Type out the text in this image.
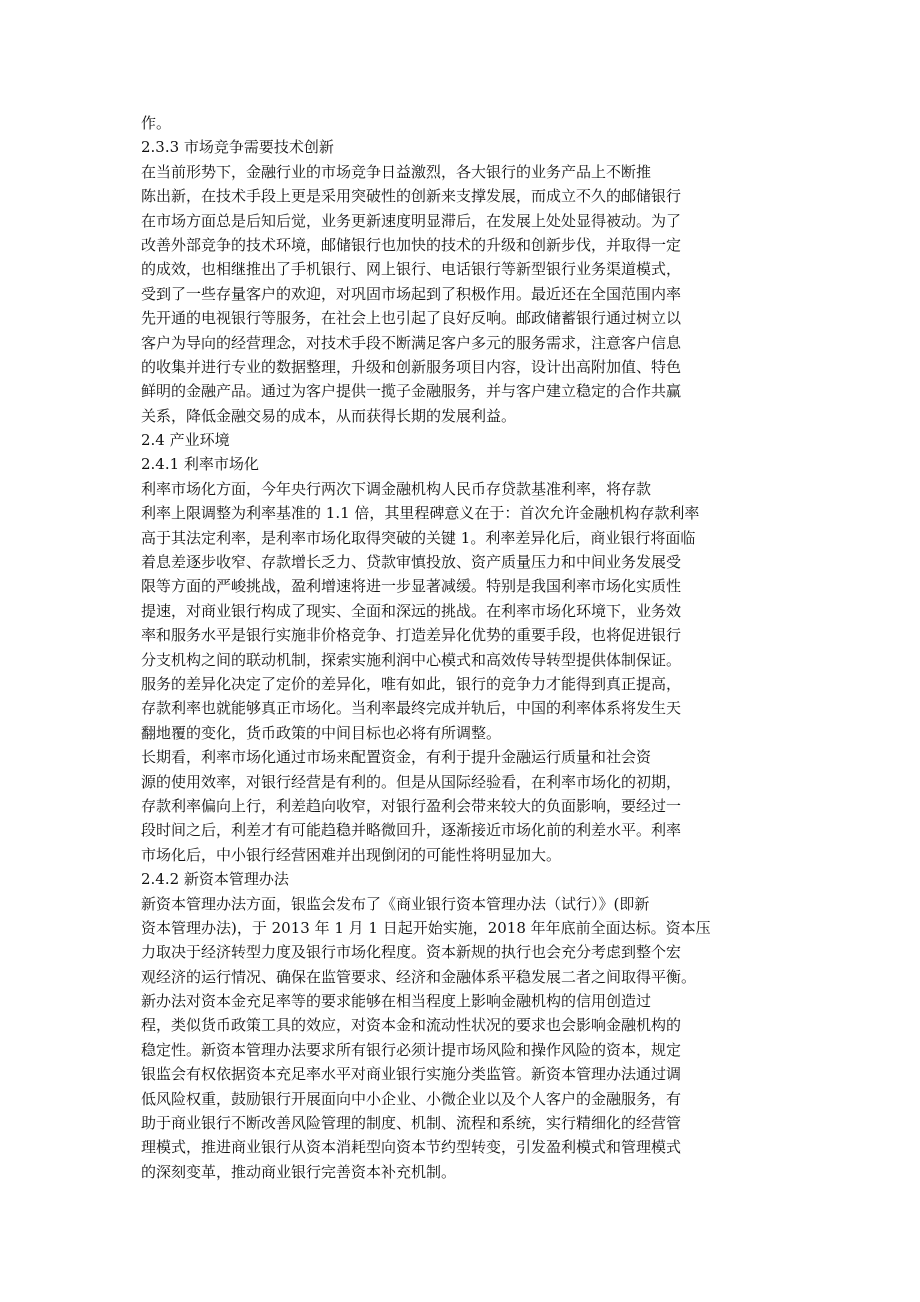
作。
2.3.3 市场竞争需要技术创新
在当前形势下，金融行业的市场竞争日益激烈，各大银行的业务产品上不断推
陈出新，在技术手段上更是采用突破性的创新来支撑发展，而成立不久的邮储银行
在市场方面总是后知后觉，业务更新速度明显滞后，在发展上处处显得被动。为了
改善外部竞争的技术环境，邮储银行也加快的技术的升级和创新步伐，并取得一定
的成效，也相继推出了手机银行、网上银行、电话银行等新型银行业务渠道模式，
受到了一些存量客户的欢迎，对巩固市场起到了积极作用。最近还在全国范围内率
先开通的电视银行等服务，在社会上也引起了良好反响。邮政储蓄银行通过树立以
客户为导向的经营理念，对技术手段不断满足客户多元的服务需求，注意客户信息
的收集并进行专业的数据整理，升级和创新服务项目内容，设计出高附加值、特色
鲜明的金融产品。通过为客户提供一揽子金融服务，并与客户建立稳定的合作共赢
关系，降低金融交易的成本，从而获得长期的发展利益。
2.4 产业环境
2.4.1 利率市场化
利率市场化方面，今年央行两次下调金融机构人民币存贷款基准利率，将存款
利率上限调整为利率基准的 1.1 倍，其里程碑意义在于：首次允许金融机构存款利率
高于其法定利率，是利率市场化取得突破的关键 1。利率差异化后，商业银行将面临
着息差逐步收窄、存款增长乏力、贷款审慎投放、资产质量压力和中间业务发展受
限等方面的严峻挑战，盈利增速将进一步显著减缓。特别是我国利率市场化实质性
提速，对商业银行构成了现实、全面和深远的挑战。在利率市场化环境下，业务效
率和服务水平是银行实施非价格竞争、打造差异化优势的重要手段，也将促进银行
分支机构之间的联动机制，探索实施利润中心模式和高效传导转型提供体制保证。
服务的差异化决定了定价的差异化，唯有如此，银行的竞争力才能得到真正提高，
存款利率也就能够真正市场化。当利率最终完成并轨后，中国的利率体系将发生天
翻地覆的变化，货币政策的中间目标也必将有所调整。
长期看，利率市场化通过市场来配置资金，有利于提升金融运行质量和社会资
源的使用效率，对银行经营是有利的。但是从国际经验看，在利率市场化的初期，
存款利率偏向上行，利差趋向收窄，对银行盈利会带来较大的负面影响，要经过一
段时间之后，利差才有可能趋稳并略微回升，逐渐接近市场化前的利差水平。利率
市场化后，中小银行经营困难并出现倒闭的可能性将明显加大。
2.4.2 新资本管理办法
新资本管理办法方面，银监会发布了《商业银行资本管理办法（试行）》(即新
资本管理办法)，于 2013 年 1 月 1 日起开始实施，2018 年年底前全面达标。资本压
力取决于经济转型力度及银行市场化程度。资本新规的执行也会充分考虑到整个宏
观经济的运行情况、确保在监管要求、经济和金融体系平稳发展二者之间取得平衡。
新办法对资本金充足率等的要求能够在相当程度上影响金融机构的信用创造过
程，类似货币政策工具的效应，对资本金和流动性状况的要求也会影响金融机构的
稳定性。新资本管理办法要求所有银行必须计提市场风险和操作风险的资本，规定
银监会有权依据资本充足率水平对商业银行实施分类监管。新资本管理办法通过调
低风险权重，鼓励银行开展面向中小企业、小微企业以及个人客户的金融服务，有
助于商业银行不断改善风险管理的制度、机制、流程和系统，实行精细化的经营管
理模式，推进商业银行从资本消耗型向资本节约型转变，引发盈利模式和管理模式
的深刻变革，推动商业银行完善资本补充机制。
